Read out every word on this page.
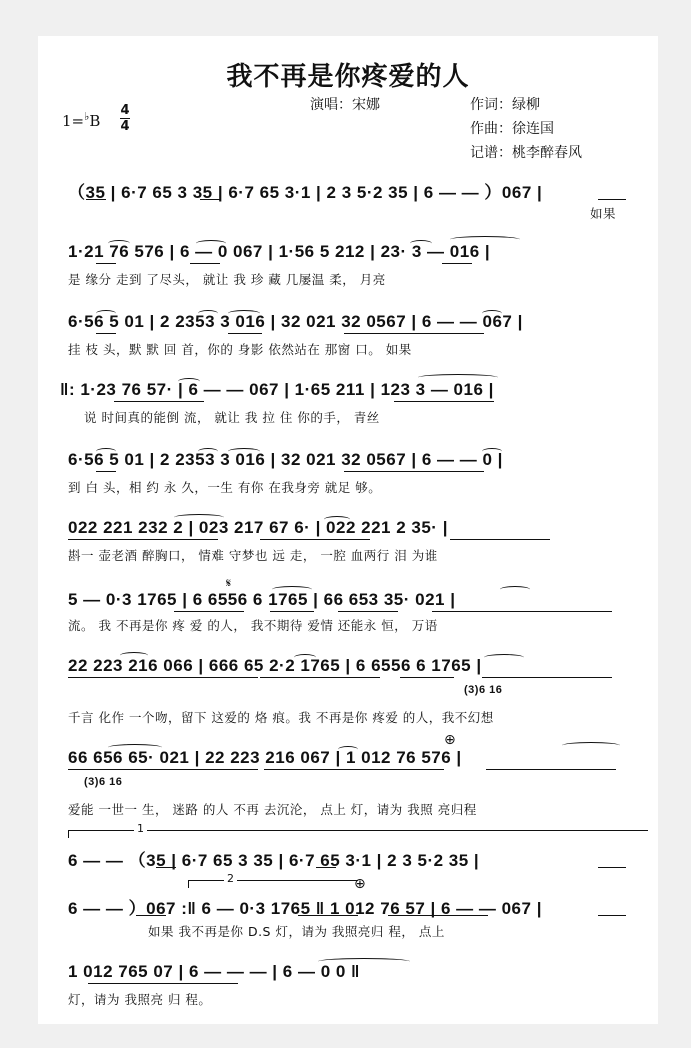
我不再是你疼爱的人
1=♭B
4
4
演唱：宋娜	作词：绿柳
作曲：徐连国
记谱：桃李醉春风
（35 | 6·7 65 3 35 | 6·7 65 3·1 | 2 3 5·2 35 | 6 — — ）067 |
如果
1·21 76 576 | 6 — 0 067 | 1·56 5 212 | 23· 3 — 016 |
是 缘分 走到 了尽头， 就让 我 珍 藏 几屡温 柔， 月亮
6·56 5 01 | 2 2353 3 016 | 32 021 32 0567 | 6 — — 067 |
挂 枝 头，默 默 回 首，你的 身影 依然站在 那窗 口。 如果
‖: 1·23 76 57· | 6 — — 067 | 1·65 211 | 123 3 — 016 |
说 时间真的能倒 流， 就让 我 拉 住 你的手， 青丝
6·56 5 01 | 2 2353 3 016 | 32 021 32 0567 | 6 — — 0 |
到 白 头，相 约 永 久，一生 有你 在我身旁 就足 够。
022 221 232 2 | 023 217 67 6· | 022 221 2 35· |
斟一 壶老酒 醉胸口， 情难 守梦也 远 走， 一腔 血两行 泪 为谁
5 — 0·3 1765 | 6 6556 6 1765 | 66 653 35· 021 |
𝄋
流。 我 不再是你 疼 爱 的人， 我不期待 爱情 还能永 恒， 万语
22 223 216 066 | 666 65 2·2 1765 | 6 6556 6 1765 |
(3)6 16
千言 化作 一个吻，留下 这爱的 烙 痕。我 不再是你 疼爱 的人，我不幻想
66 656 65· 021 | 22 223 216 067 | 1 012 76 576 |
⊕
(3)6 16
爱能 一世一 生， 迷路 的人 不再 去沉沦， 点上 灯，请为 我照 亮归程
1
6 — — （35 | 6·7 65 3 35 | 6·7 65 3·1 | 2 3 5·2 35 |
2	⊕
6 — — ）067 :‖ 6 — 0·3 1765 ‖ 1 012 76 57 | 6 — — 067 |
如果 我不再是你 D.S 灯，请为 我照亮归 程， 点上
1 012 765 07 | 6 — — — | 6 — 0 0 ‖
灯，请为 我照亮 归 程。
